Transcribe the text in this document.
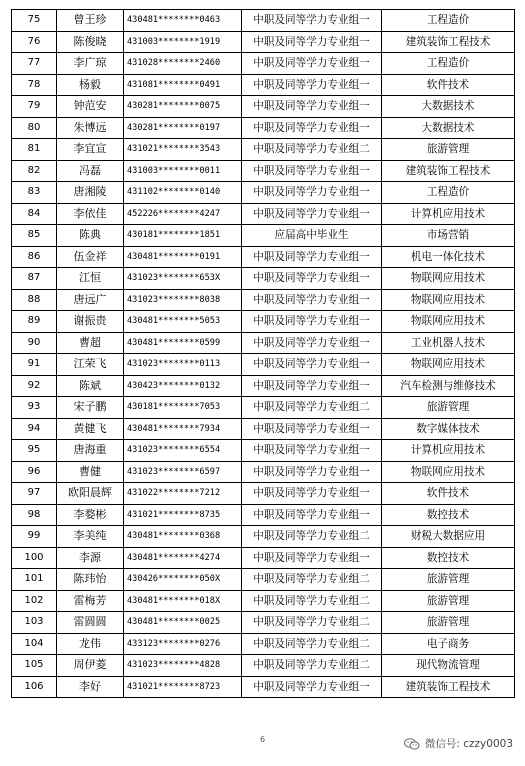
75	曾王珍	430481********0463	中职及同等学力专业组一	工程造价
76	陈俊晓	431003********1919	中职及同等学力专业组一	建筑装饰工程技术
77	李广琼	431028********2460	中职及同等学力专业组一	工程造价
78	杨毅	431081********0491	中职及同等学力专业组一	软件技术
79	钟范安	430281********0075	中职及同等学力专业组一	大数据技术
80	朱博远	430281********0197	中职及同等学力专业组一	大数据技术
81	李宜宣	431021********3543	中职及同等学力专业组二	旅游管理
82	冯磊	431003********0011	中职及同等学力专业组一	建筑装饰工程技术
83	唐湘陵	431102********0140	中职及同等学力专业组一	工程造价
84	李依佳	452226********4247	中职及同等学力专业组一	计算机应用技术
85	陈典	430181********1851	应届高中毕业生	市场营销
86	伍金祥	430481********0191	中职及同等学力专业组一	机电一体化技术
87	江恒	431023********653X	中职及同等学力专业组一	物联网应用技术
88	唐远广	431023********8038	中职及同等学力专业组一	物联网应用技术
89	谢振贵	430481********5053	中职及同等学力专业组一	物联网应用技术
90	曹超	430481********0599	中职及同等学力专业组一	工业机器人技术
91	江荣飞	431023********0113	中职及同等学力专业组一	物联网应用技术
92	陈斌	430423********0132	中职及同等学力专业组一	汽车检测与维修技术
93	宋子鹏	430181********7053	中职及同等学力专业组二	旅游管理
94	黄健飞	430481********7934	中职及同等学力专业组一	数字媒体技术
95	唐海重	431023********6554	中职及同等学力专业组一	计算机应用技术
96	曹健	431023********6597	中职及同等学力专业组一	物联网应用技术
97	欧阳晨辉	431022********7212	中职及同等学力专业组一	软件技术
98	李婺彬	431021********8735	中职及同等学力专业组一	数控技术
99	李美纯	430481********0368	中职及同等学力专业组二	财税大数据应用
100	李源	430481********4274	中职及同等学力专业组一	数控技术
101	陈玮怡	430426********050X	中职及同等学力专业组二	旅游管理
102	雷梅芳	430481********018X	中职及同等学力专业组二	旅游管理
103	雷圆圆	430481********0025	中职及同等学力专业组二	旅游管理
104	龙伟	433123********0276	中职及同等学力专业组二	电子商务
105	周伊菱	431023********4828	中职及同等学力专业组二	现代物流管理
106	李好	431021********8723	中职及同等学力专业组一	建筑装饰工程技术
6	微信号: czzy0003
